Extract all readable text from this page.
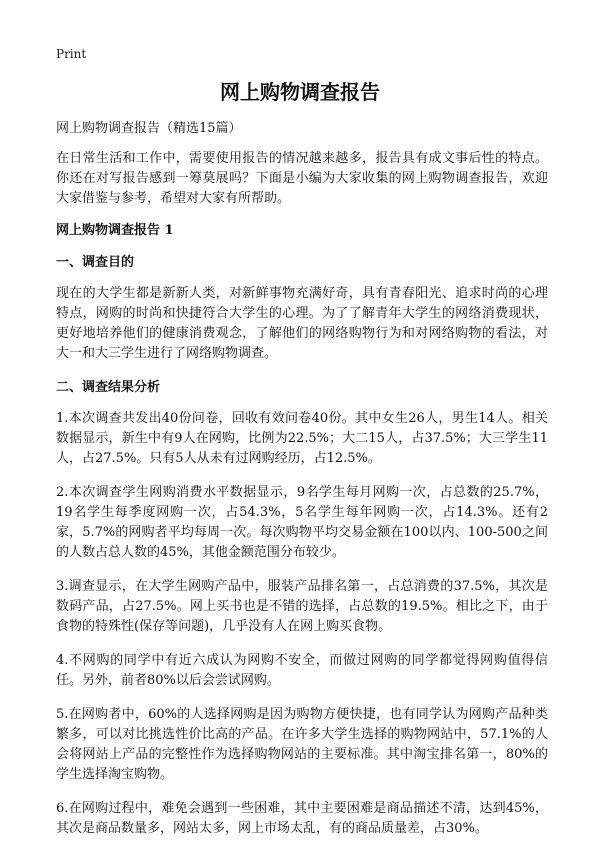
Print
网上购物调查报告

网上购物调查报告（精选15篇）

在日常生活和工作中，需要使用报告的情况越来越多，报告具有成文事后性的特点。你还在对写报告感到一筹莫展吗？下面是小编为大家收集的网上购物调查报告，欢迎大家借鉴与参考，希望对大家有所帮助。

网上购物调查报告 1

一、调查目的

现在的大学生都是新新人类，对新鲜事物充满好奇，具有青春阳光、追求时尚的心理特点，网购的时尚和快捷符合大学生的心理。为了了解青年大学生的网络消费现状，更好地培养他们的健康消费观念，了解他们的网络购物行为和对网络购物的看法，对大一和大三学生进行了网络购物调查。

二、调查结果分析

1.本次调查共发出40份问卷，回收有效问卷40份。其中女生26人，男生14人。相关数据显示，新生中有9人在网购，比例为22.5%；大二15人，占37.5%；大三学生11人，占27.5%。只有5人从未有过网购经历，占12.5%。

2.本次调查学生网购消费水平数据显示，9名学生每月网购一次，占总数的25.7%，19名学生每季度网购一次，占54.3%，5名学生每年网购一次，占14.3%。还有2家，5.7%的网购者平均每周一次。每次购物平均交易金额在100以内、100-500之间的人数占总人数的45%，其他金额范围分布较少。

3.调查显示，在大学生网购产品中，服装产品排名第一，占总消费的37.5%，其次是数码产品，占27.5%。网上买书也是不错的选择，占总数的19.5%。相比之下，由于食物的特殊性(保存等问题)，几乎没有人在网上购买食物。

4.不网购的同学中有近六成认为网购不安全，而做过网购的同学都觉得网购值得信任。另外，前者80%以后会尝试网购。

5.在网购者中，60%的人选择网购是因为购物方便快捷，也有同学认为网购产品种类繁多，可以对比挑选性价比高的产品。在许多大学生选择的购物网站中，57.1%的人会将网站上产品的完整性作为选择购物网站的主要标准。其中淘宝排名第一，80%的学生选择淘宝购物。

6.在网购过程中，难免会遇到一些困难，其中主要困难是商品描述不清，达到45%，其次是商品数量多，网站太多，网上市场太乱，有的商品质量差，占30%。
